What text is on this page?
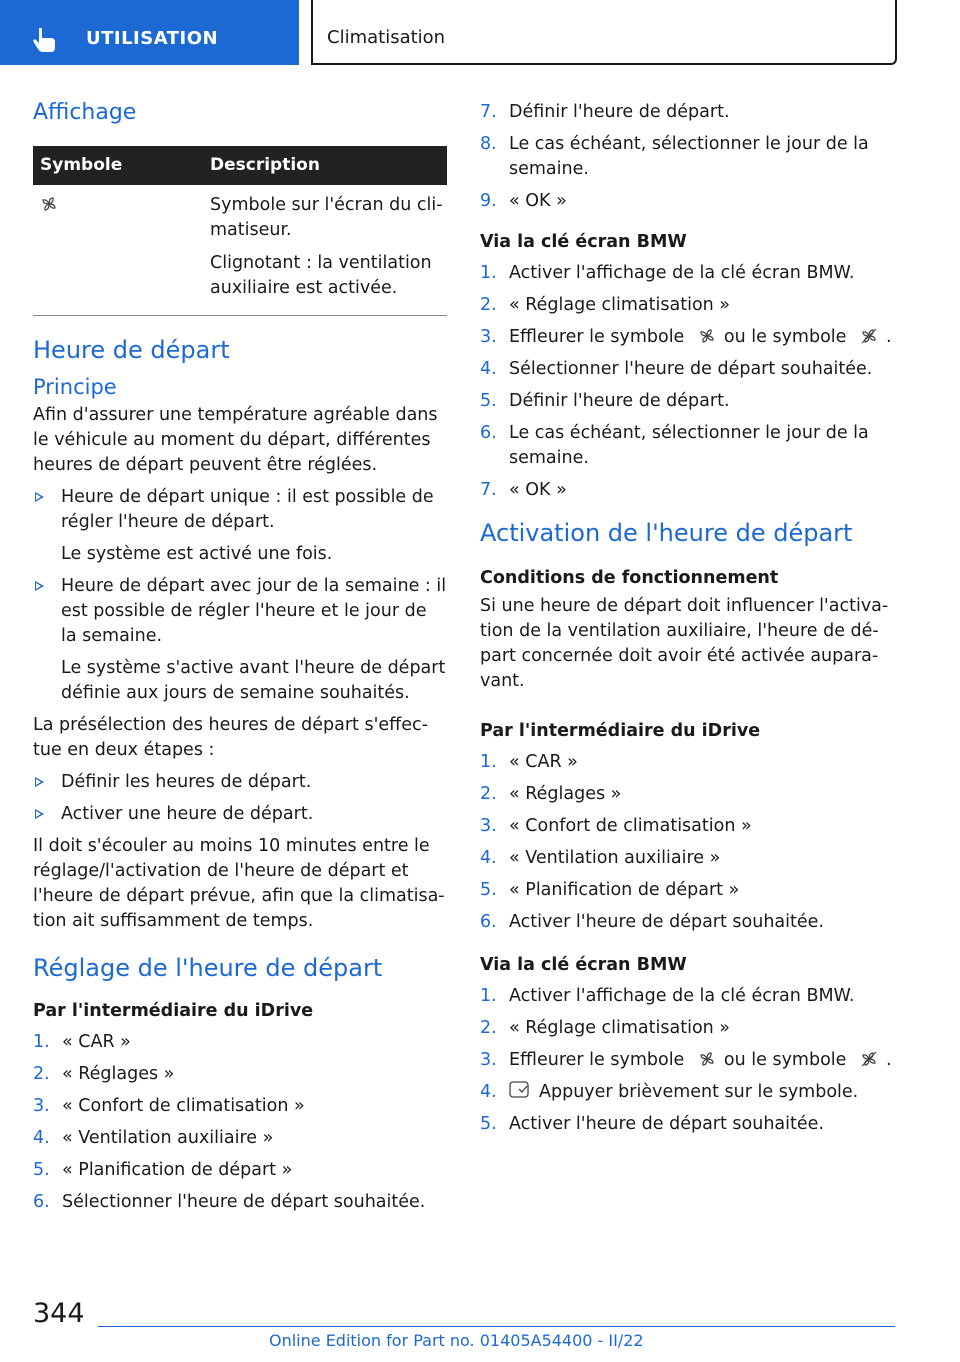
UTILISATION	Climatisation
Affichage
Symbole	Description

Symbole sur l'écran du cli-matiseur.

Clignotant : la ventilation auxiliaire est activée.

Heure de départ
Principe

Afin d'assurer une température agréable dans le véhicule au moment du départ, différentes heures de départ peuvent être réglées.

Heure de départ unique : il est possible de régler l'heure de départ.

Le système est activé une fois.

Heure de départ avec jour de la semaine : il est possible de régler l'heure et le jour de la semaine.

Le système s'active avant l'heure de départ définie aux jours de semaine souhaités.

La présélection des heures de départ s'effec-tue en deux étapes :

Définir les heures de départ.
Activer une heure de départ.

Il doit s'écouler au moins 10 minutes entre le réglage/l'activation de l'heure de départ et l'heure de départ prévue, afin que la climatisa-tion ait suffisamment de temps.

Réglage de l'heure de départ
Par l'intermédiaire du iDrive
1. « CAR »
2. « Réglages »
3. « Confort de climatisation »
4. « Ventilation auxiliaire »
5. « Planification de départ »
6. Sélectionner l'heure de départ souhaitée.
7. Définir l'heure de départ.
8. Le cas échéant, sélectionner le jour de la semaine.
9. « OK »
Via la clé écran BMW
1. Activer l'affichage de la clé écran BMW.
2. « Réglage climatisation »
3. Effleurer le symbole ou le symbole .
4. Sélectionner l'heure de départ souhaitée.
5. Définir l'heure de départ.
6. Le cas échéant, sélectionner le jour de la semaine.
7. « OK »
Activation de l'heure de départ
Conditions de fonctionnement

Si une heure de départ doit influencer l'activa-tion de la ventilation auxiliaire, l'heure de dé-part concernée doit avoir été activée aupara-vant.

Par l'intermédiaire du iDrive
1. « CAR »
2. « Réglages »
3. « Confort de climatisation »
4. « Ventilation auxiliaire »
5. « Planification de départ »
6. Activer l'heure de départ souhaitée.
Via la clé écran BMW
1. Activer l'affichage de la clé écran BMW.
2. « Réglage climatisation »
3. Effleurer le symbole ou le symbole .
4. Appuyer brièvement sur le symbole.
5. Activer l'heure de départ souhaitée.
344
Online Edition for Part no. 01405A54400 - II/22
